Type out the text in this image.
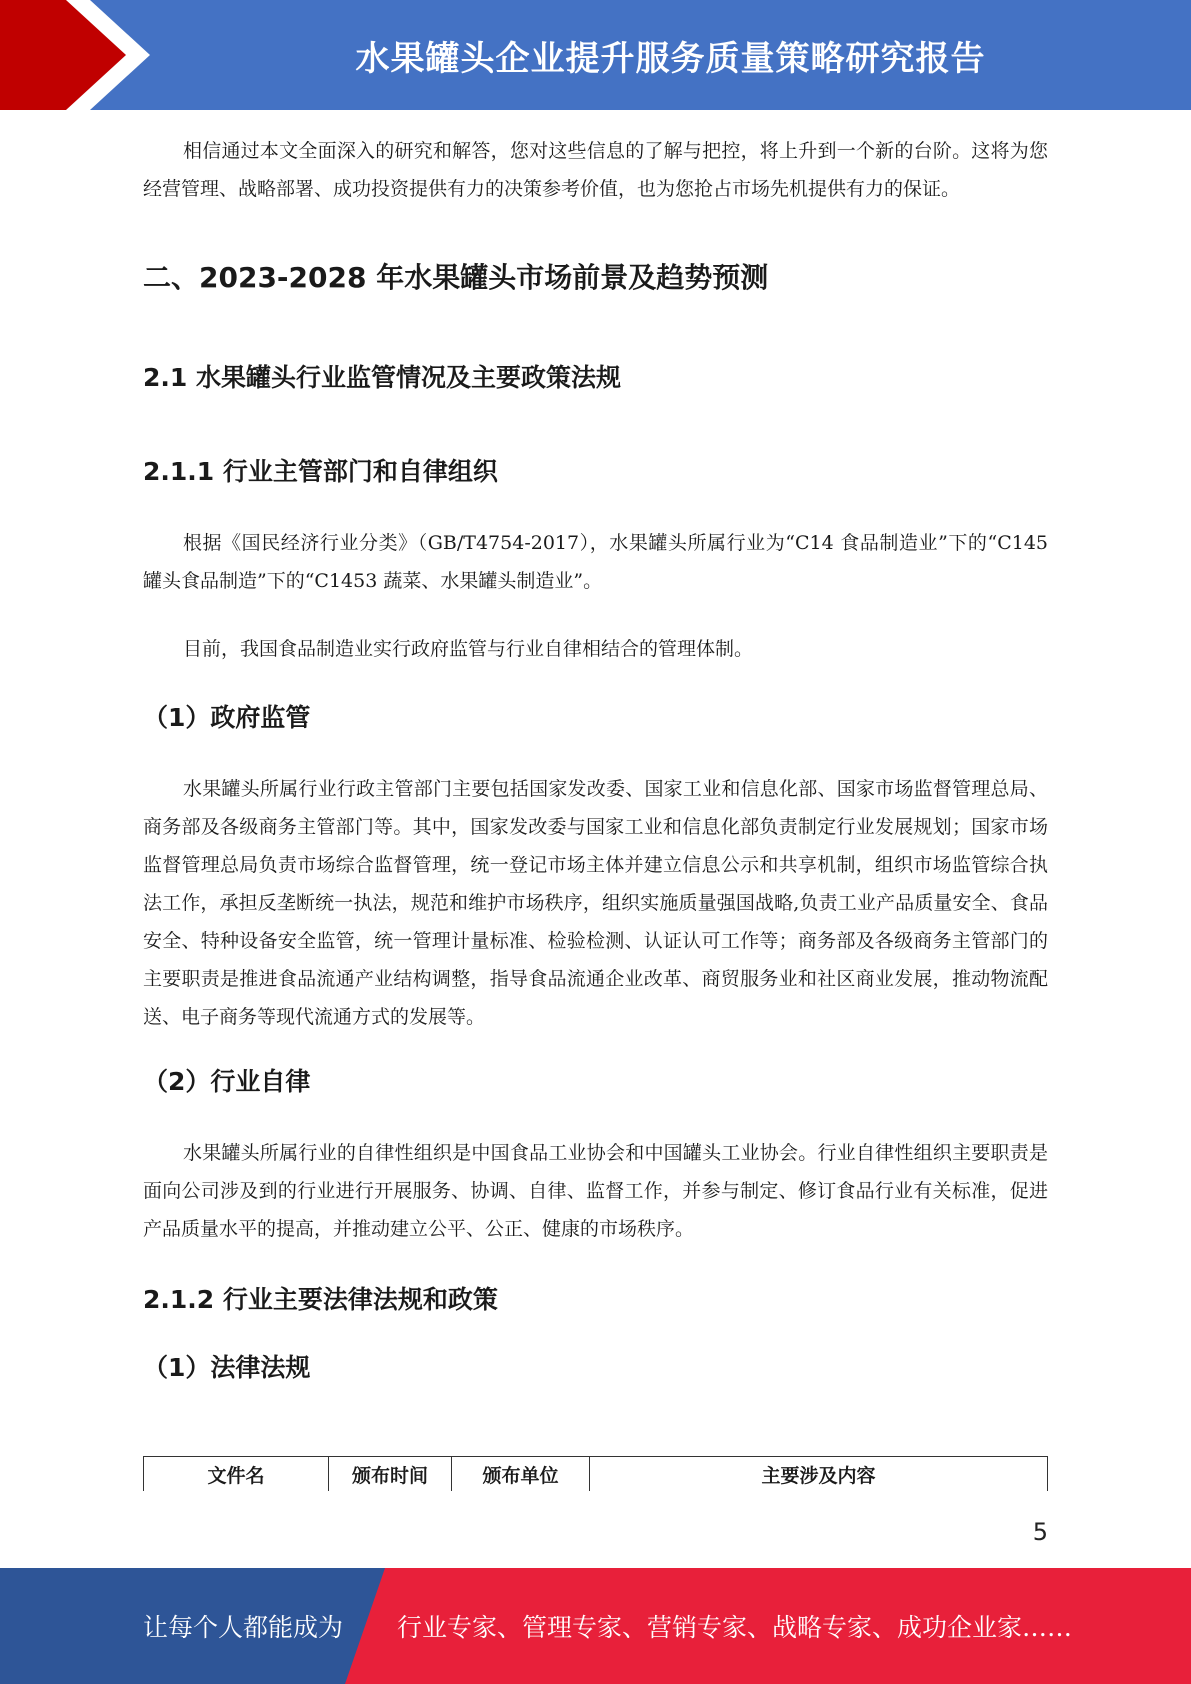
水果罐头企业提升服务质量策略研究报告

相信通过本文全面深入的研究和解答，您对这些信息的了解与把控，将上升到一个新的台阶。这将为您经营管理、战略部署、成功投资提供有力的决策参考价值，也为您抢占市场先机提供有力的保证。

二、2023-2028 年水果罐头市场前景及趋势预测
2.1 水果罐头行业监管情况及主要政策法规
2.1.1 行业主管部门和自律组织

根据《国民经济行业分类》（GB/T4754-2017），水果罐头所属行业为“C14 食品制造业”下的“C145 罐头食品制造”下的“C1453 蔬菜、水果罐头制造业”。

目前，我国食品制造业实行政府监管与行业自律相结合的管理体制。

（1）政府监管

水果罐头所属行业行政主管部门主要包括国家发改委、国家工业和信息化部、国家市场监督管理总局、商务部及各级商务主管部门等。其中，国家发改委与国家工业和信息化部负责制定行业发展规划；国家市场监督管理总局负责市场综合监督管理，统一登记市场主体并建立信息公示和共享机制，组织市场监管综合执法工作，承担反垄断统一执法，规范和维护市场秩序，组织实施质量强国战略,负责工业产品质量安全、食品安全、特种设备安全监管，统一管理计量标准、检验检测、认证认可工作等；商务部及各级商务主管部门的主要职责是推进食品流通产业结构调整，指导食品流通企业改革、商贸服务业和社区商业发展，推动物流配送、电子商务等现代流通方式的发展等。

（2）行业自律

水果罐头所属行业的自律性组织是中国食品工业协会和中国罐头工业协会。行业自律性组织主要职责是面向公司涉及到的行业进行开展服务、协调、自律、监督工作，并参与制定、修订食品行业有关标准，促进产品质量水平的提高，并推动建立公平、公正、健康的市场秩序。

2.1.2 行业主要法律法规和政策
（1）法律法规
文件名	颁布时间	颁布单位	主要涉及内容
5
让每个人都能成为 行业专家、管理专家、营销专家、战略专家、成功企业家……
